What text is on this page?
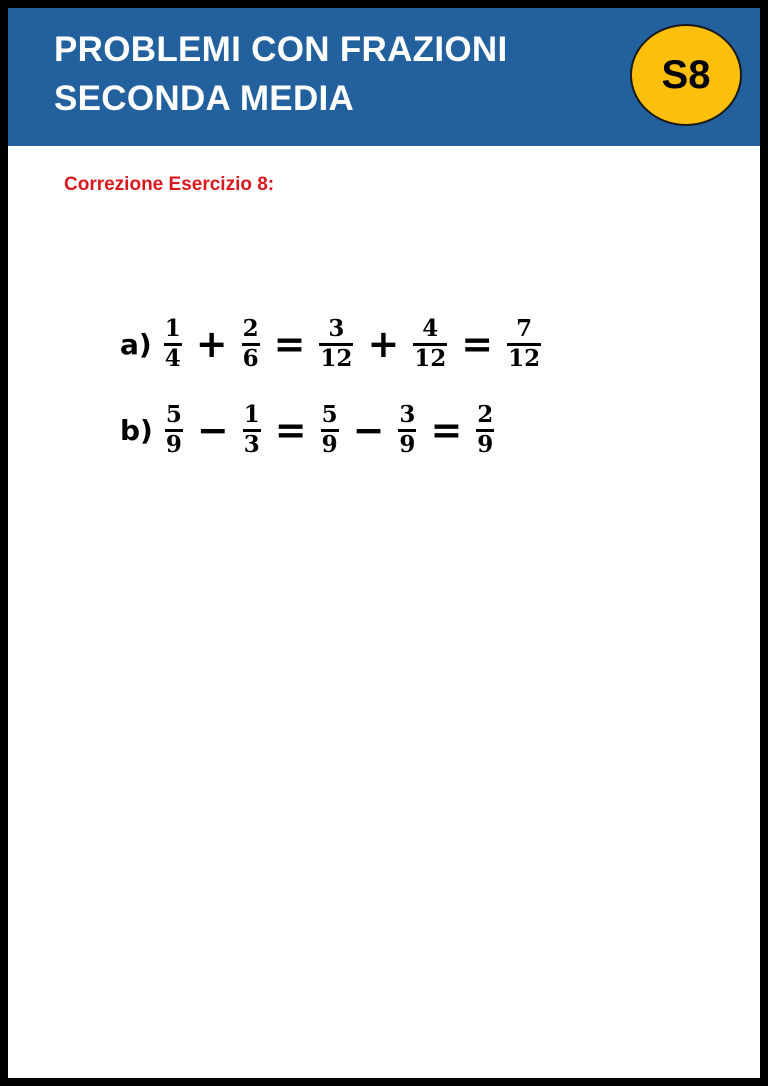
PROBLEMI CON FRAZIONI
SECONDA MEDIA
S8
Correzione Esercizio 8:
$a) \frac{1}{4} + \frac{2}{6} = \frac{3}{12} + \frac{4}{12} = \frac{7}{12}$
$b) \frac{5}{9} - \frac{1}{3} = \frac{5}{9} - \frac{3}{9} = \frac{2}{9}$
